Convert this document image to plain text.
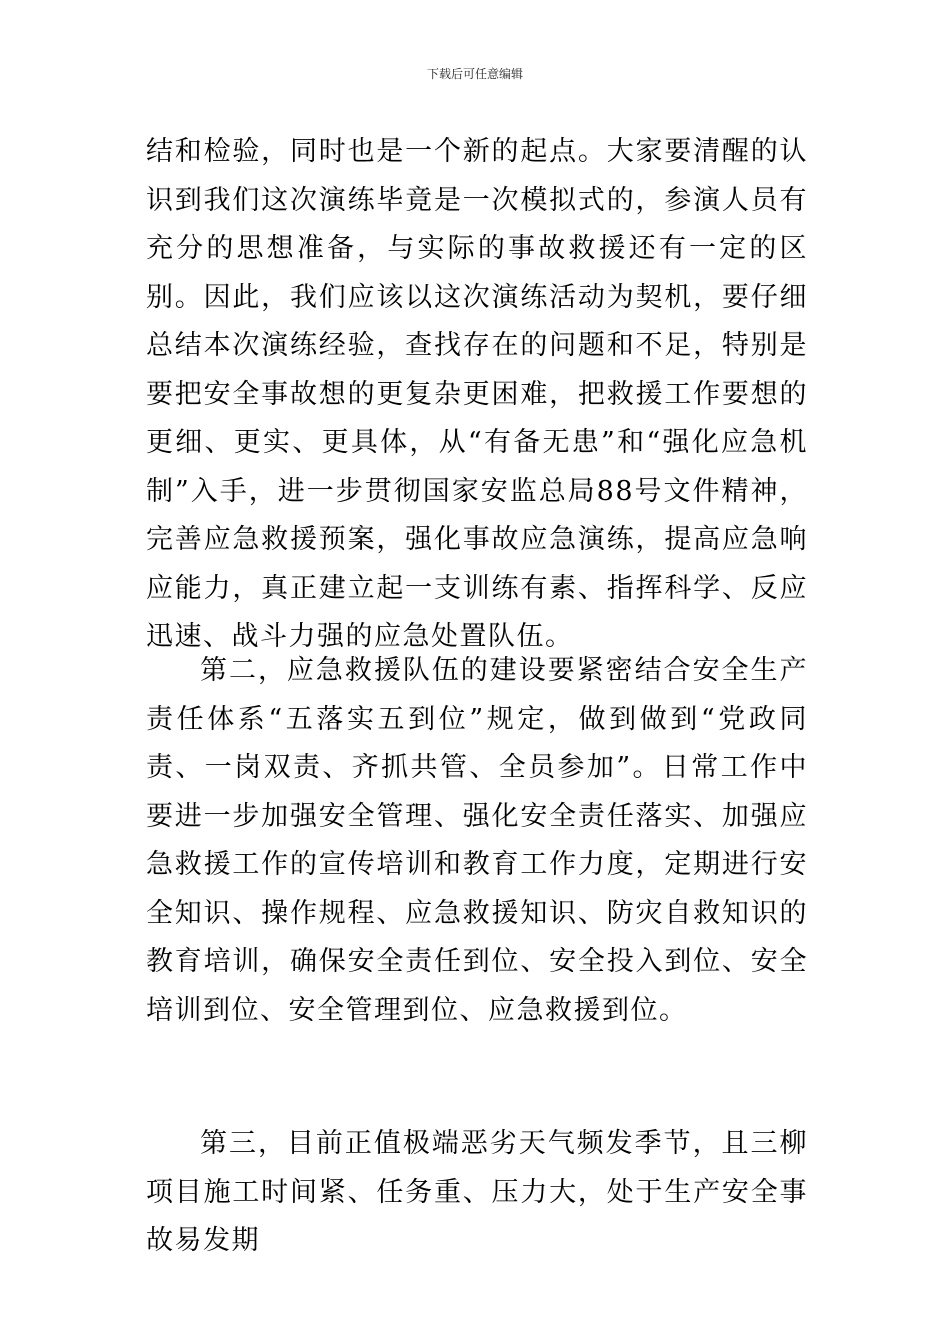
下载后可任意编辑

结和检验，同时也是一个新的起点。大家要清醒的认识到我们这次演练毕竟是一次模拟式的，参演人员有充分的思想准备，与实际的事故救援还有一定的区别。因此，我们应该以这次演练活动为契机，要仔细总结本次演练经验，查找存在的问题和不足，特别是要把安全事故想的更复杂更困难，把救援工作要想的更细、更实、更具体，从“有备无患”和“强化应急机制”入手，进一步贯彻国家安监总局88号文件精神，完善应急救援预案，强化事故应急演练，提高应急响应能力，真正建立起一支训练有素、指挥科学、反应迅速、战斗力强的应急处置队伍。

第二，应急救援队伍的建设要紧密结合安全生产责任体系“五落实五到位”规定，做到做到“党政同责、一岗双责、齐抓共管、全员参加”。日常工作中要进一步加强安全管理、强化安全责任落实、加强应急救援工作的宣传培训和教育工作力度，定期进行安全知识、操作规程、应急救援知识、防灾自救知识的教育培训，确保安全责任到位、安全投入到位、安全培训到位、安全管理到位、应急救援到位。

第三，目前正值极端恶劣天气频发季节，且三柳项目施工时间紧、任务重、压力大，处于生产安全事故易发期
